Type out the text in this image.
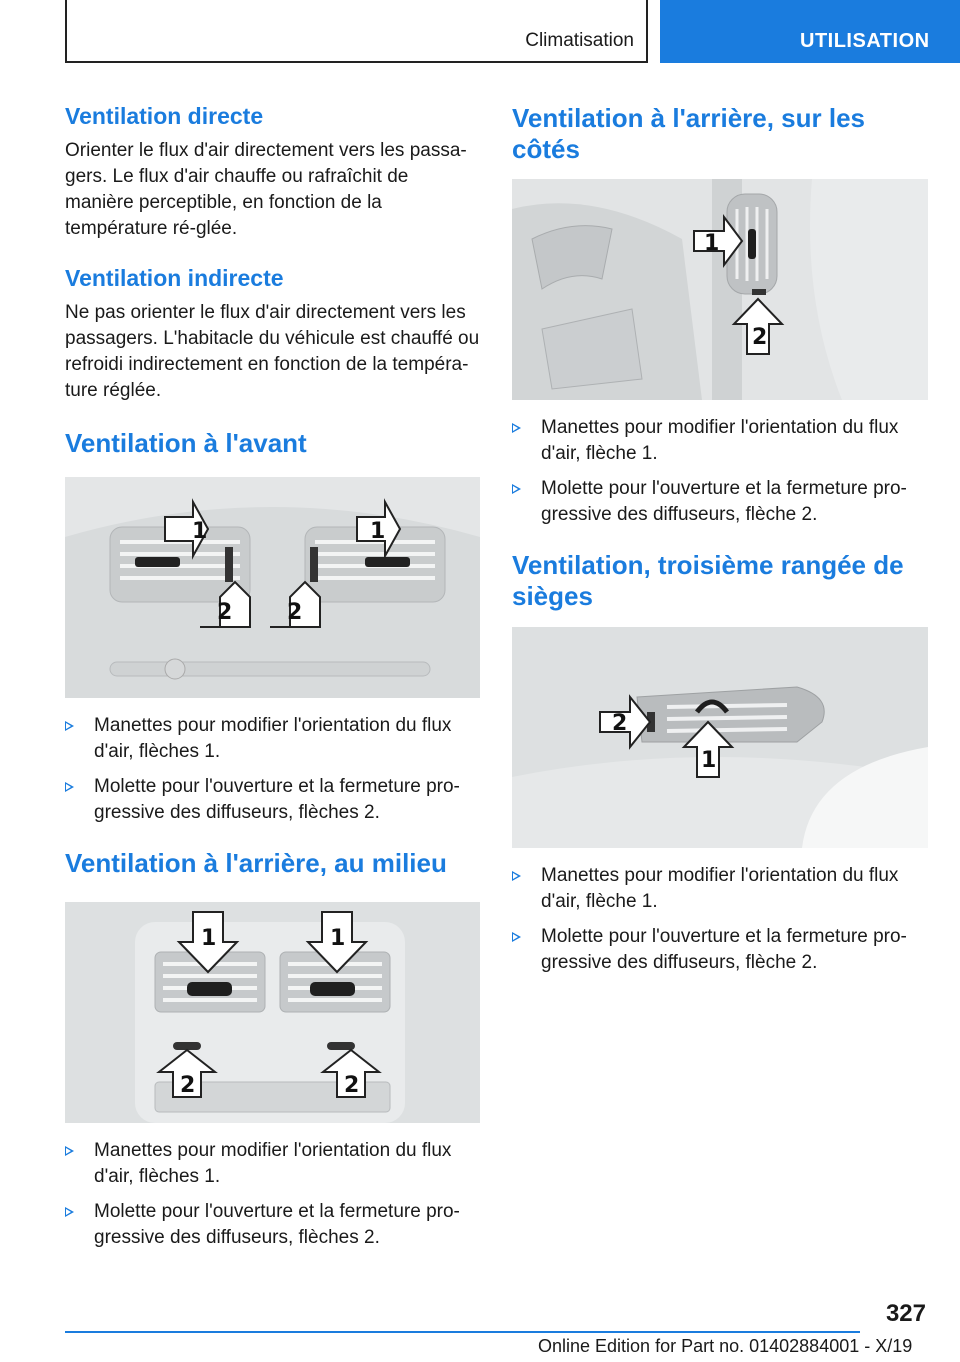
Climatisation	UTILISATION
Ventilation directe

Orienter le flux d'air directement vers les passa-gers. Le flux d'air chauffe ou rafraîchit de manière perceptible, en fonction de la température ré-glée.

Ventilation indirecte

Ne pas orienter le flux d'air directement vers les passagers. L'habitacle du véhicule est chauffé ou refroidi indirectement en fonction de la tempéra-ture réglée.

Ventilation à l'avant
1	1
2 2
Manettes pour modifier l'orientation du flux d'air, flèches 1.
Molette pour l'ouverture et la fermeture pro-gressive des diffuseurs, flèches 2.
Ventilation à l'arrière, au milieu
1	1
2	2
Manettes pour modifier l'orientation du flux d'air, flèches 1.
Molette pour l'ouverture et la fermeture pro-gressive des diffuseurs, flèches 2.
Ventilation à l'arrière, sur les côtés
1
2
Manettes pour modifier l'orientation du flux d'air, flèche 1.
Molette pour l'ouverture et la fermeture pro-gressive des diffuseurs, flèche 2.
Ventilation, troisième rangée de sièges
2
1
Manettes pour modifier l'orientation du flux d'air, flèche 1.
Molette pour l'ouverture et la fermeture pro-gressive des diffuseurs, flèche 2.
327
Online Edition for Part no. 01402884001 - X/19
